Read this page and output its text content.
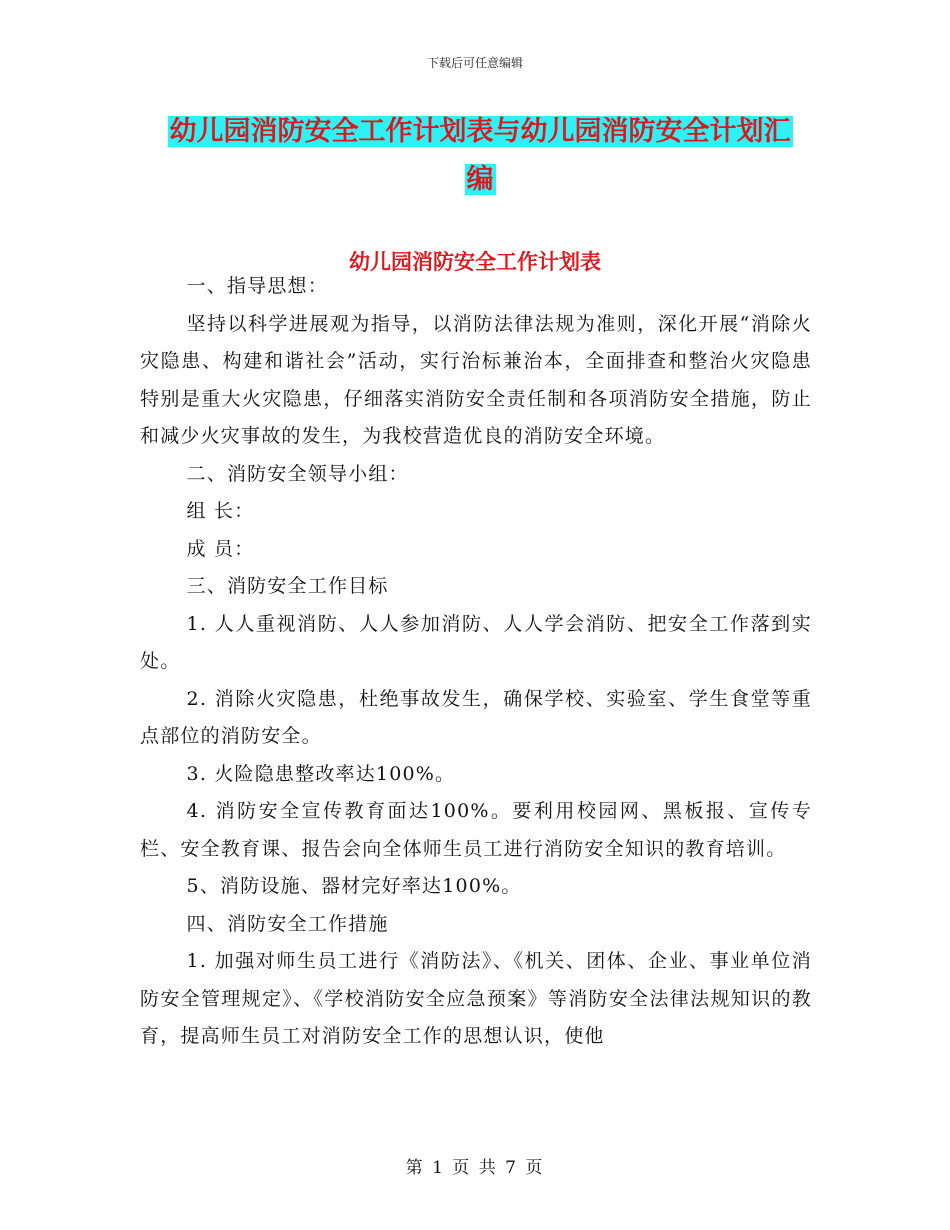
下载后可任意编辑
幼儿园消防安全工作计划表与幼儿园消防安全计划汇
编
幼儿园消防安全工作计划表

一、指导思想：

坚持以科学进展观为指导，以消防法律法规为准则，深化开展“消除火灾隐患、构建和谐社会”活动，实行治标兼治本，全面排查和整治火灾隐患特别是重大火灾隐患，仔细落实消防安全责任制和各项消防安全措施，防止和减少火灾事故的发生，为我校营造优良的消防安全环境。

二、消防安全领导小组：

组 长：

成 员：

三、消防安全工作目标

1. 人人重视消防、人人参加消防、人人学会消防、把安全工作落到实处。

2. 消除火灾隐患，杜绝事故发生，确保学校、实验室、学生食堂等重点部位的消防安全。

3. 火险隐患整改率达100%。

4. 消防安全宣传教育面达100%。要利用校园网、黑板报、宣传专栏、安全教育课、报告会向全体师生员工进行消防安全知识的教育培训。

5、消防设施、器材完好率达100%。

四、消防安全工作措施

1. 加强对师生员工进行《消防法》、《机关、团体、企业、事业单位消防安全管理规定》、《学校消防安全应急预案》等消防安全法律法规知识的教育，提高师生员工对消防安全工作的思想认识，使他

第 1 页 共 7 页
